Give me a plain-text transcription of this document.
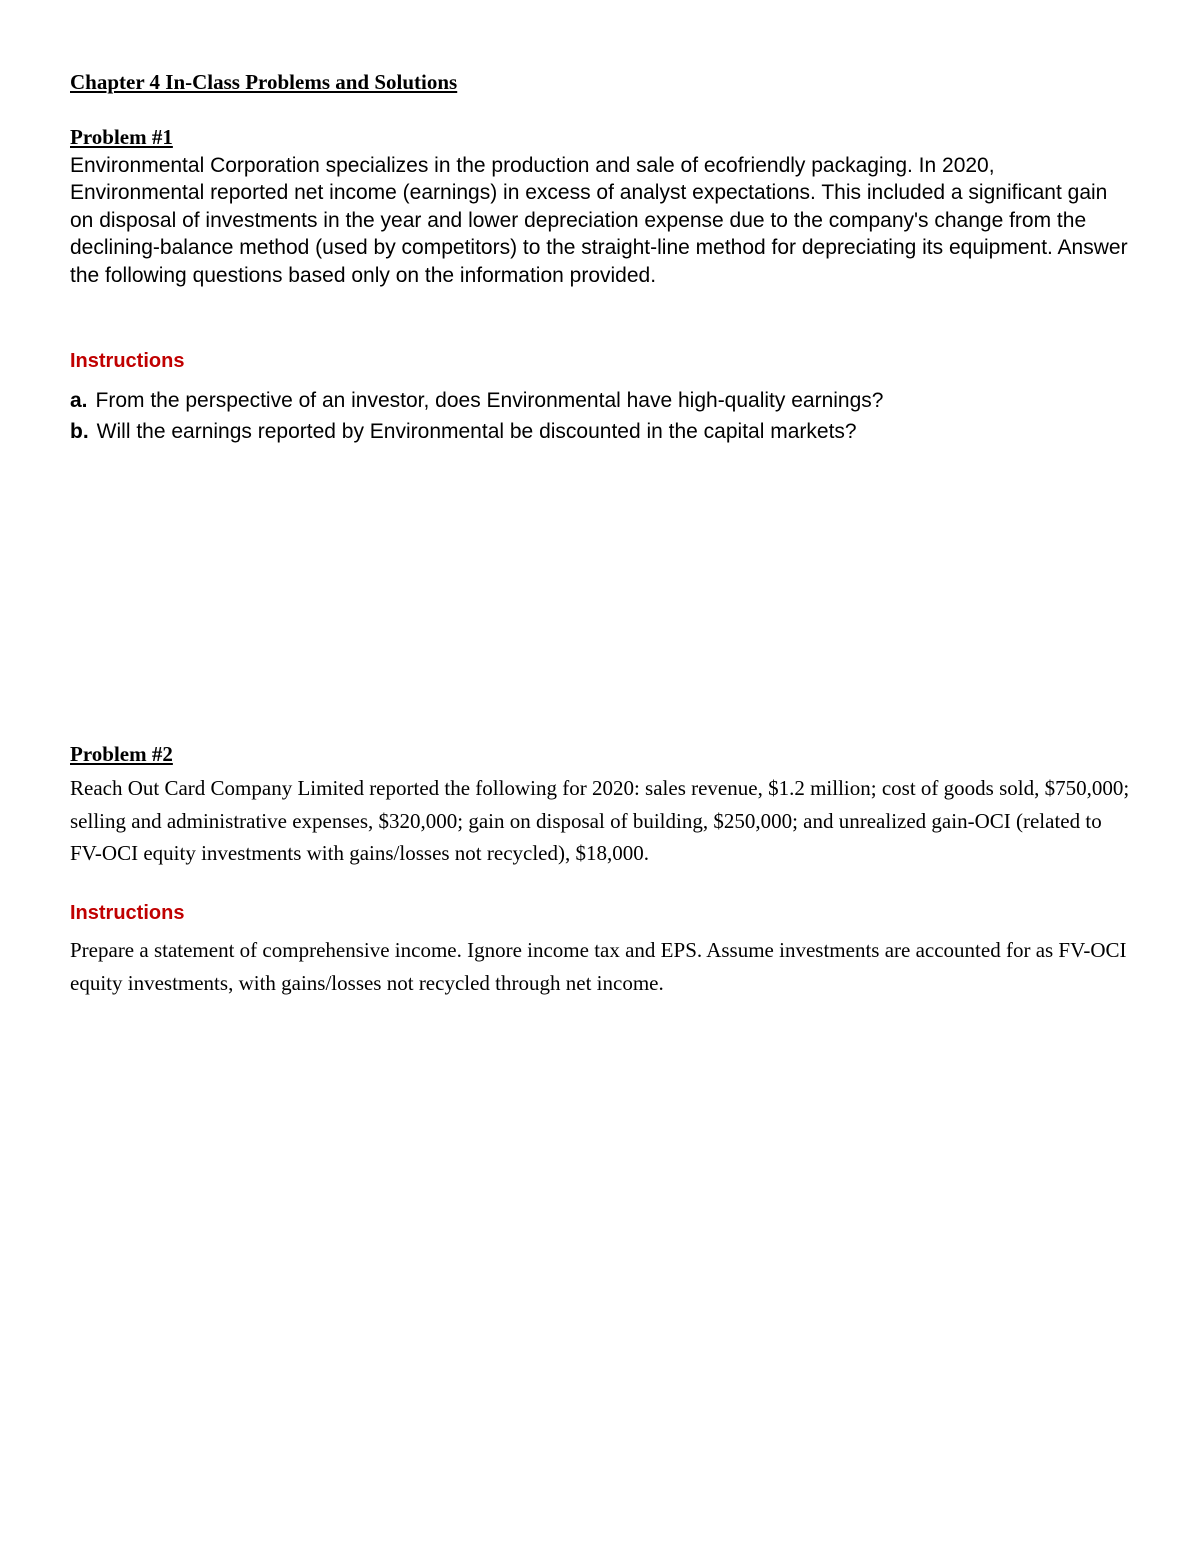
Chapter 4 In-Class Problems and Solutions
Problem #1

Environmental Corporation specializes in the production and sale of ecofriendly packaging. In 2020, Environmental reported net income (earnings) in excess of analyst expectations. This included a significant gain on disposal of investments in the year and lower depreciation expense due to the company's change from the declining-balance method (used by competitors) to the straight-line method for depreciating its equipment. Answer the following questions based only on the information provided.

Instructions
a. From the perspective of an investor, does Environmental have high-quality earnings?
b. Will the earnings reported by Environmental be discounted in the capital markets?
Problem #2

Reach Out Card Company Limited reported the following for 2020: sales revenue, $1.2 million; cost of goods sold, $750,000; selling and administrative expenses, $320,000; gain on disposal of building, $250,000; and unrealized gain-OCI (related to FV-OCI equity investments with gains/losses not recycled), $18,000.

Instructions

Prepare a statement of comprehensive income. Ignore income tax and EPS. Assume investments are accounted for as FV-OCI equity investments, with gains/losses not recycled through net income.
